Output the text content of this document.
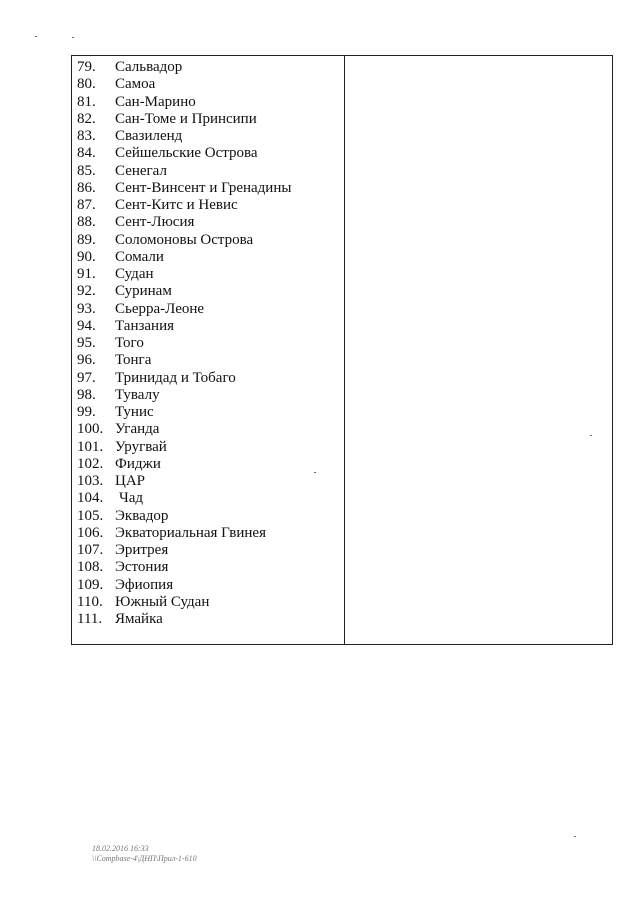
79. Сальвадор
80. Самоа
81. Сан-Марино
82. Сан-Томе и Принсипи
83. Свазиленд
84. Сейшельские Острова
85. Сенегал
86. Сент-Винсент и Гренадины
87. Сент-Китс и Невис
88. Сент-Люсия
89. Соломоновы Острова
90. Сомали
91. Судан
92. Суринам
93. Сьерра-Леоне
94. Танзания
95. Того
96. Тонга
97. Тринидад и Тобаго
98. Тувалу
99. Тунис
100. Уганда
101. Уругвай
102. Фиджи
103. ЦАР
104. Чад
105. Эквадор
106. Экваториальная Гвинея
107. Эритрея
108. Эстония
109. Эфиопия
110. Южный Судан
111. Ямайка
18.02.2016 16:33
\\Compbase-4\ДНП\Прил-1-610
